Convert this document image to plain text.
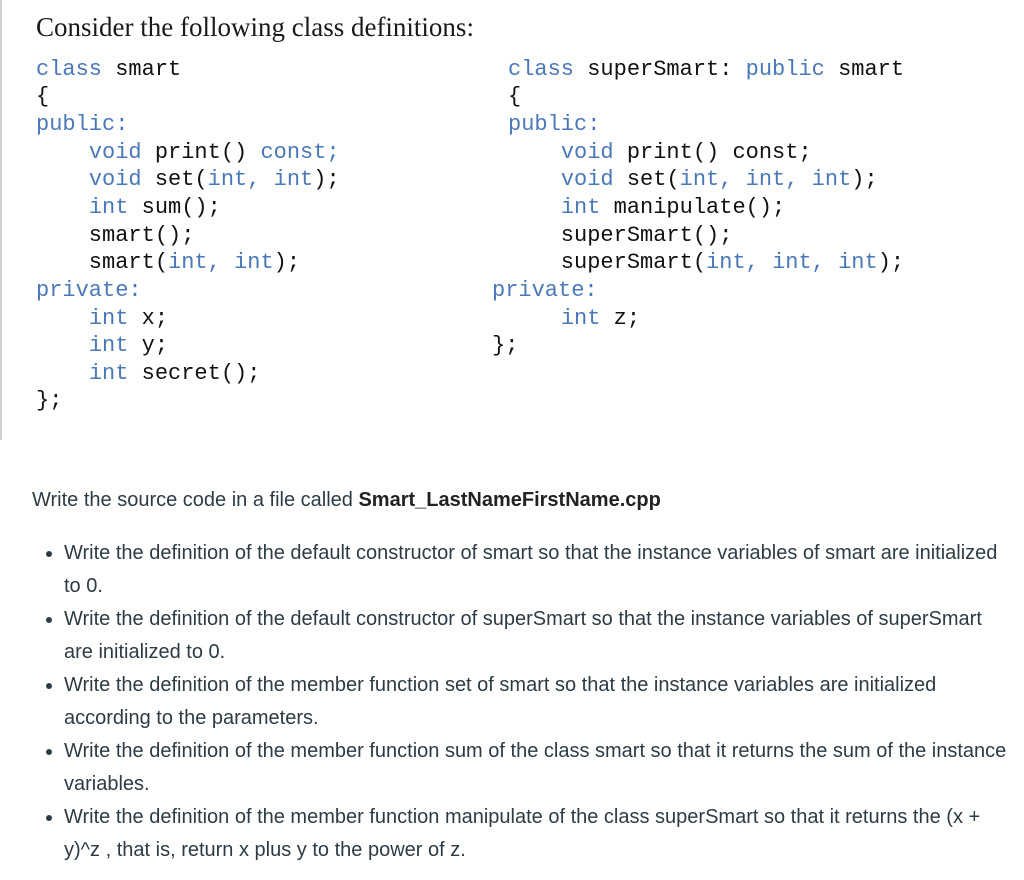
Consider the following class definitions:
class smart
{
public:
void print() const;
void set(int, int);
int sum();
smart();
smart(int, int);
private:
int x;
int y;
int secret();
};
class superSmart: public smart
{
public:
void print() const;
void set(int, int, int);
int manipulate();
superSmart();
superSmart(int, int, int);
private:
int z;
};

Write the source code in a file called Smart_LastNameFirstName.cpp

• Write the definition of the default constructor of smart so that the instance variables of smart are initialized to 0.
• Write the definition of the default constructor of superSmart so that the instance variables of superSmart are initialized to 0.
• Write the definition of the member function set of smart so that the instance variables are initialized according to the parameters.
• Write the definition of the member function sum of the class smart so that it returns the sum of the instance variables.
• Write the definition of the member function manipulate of the class superSmart so that it returns the (x + y)^z , that is, return x plus y to the power of z.
